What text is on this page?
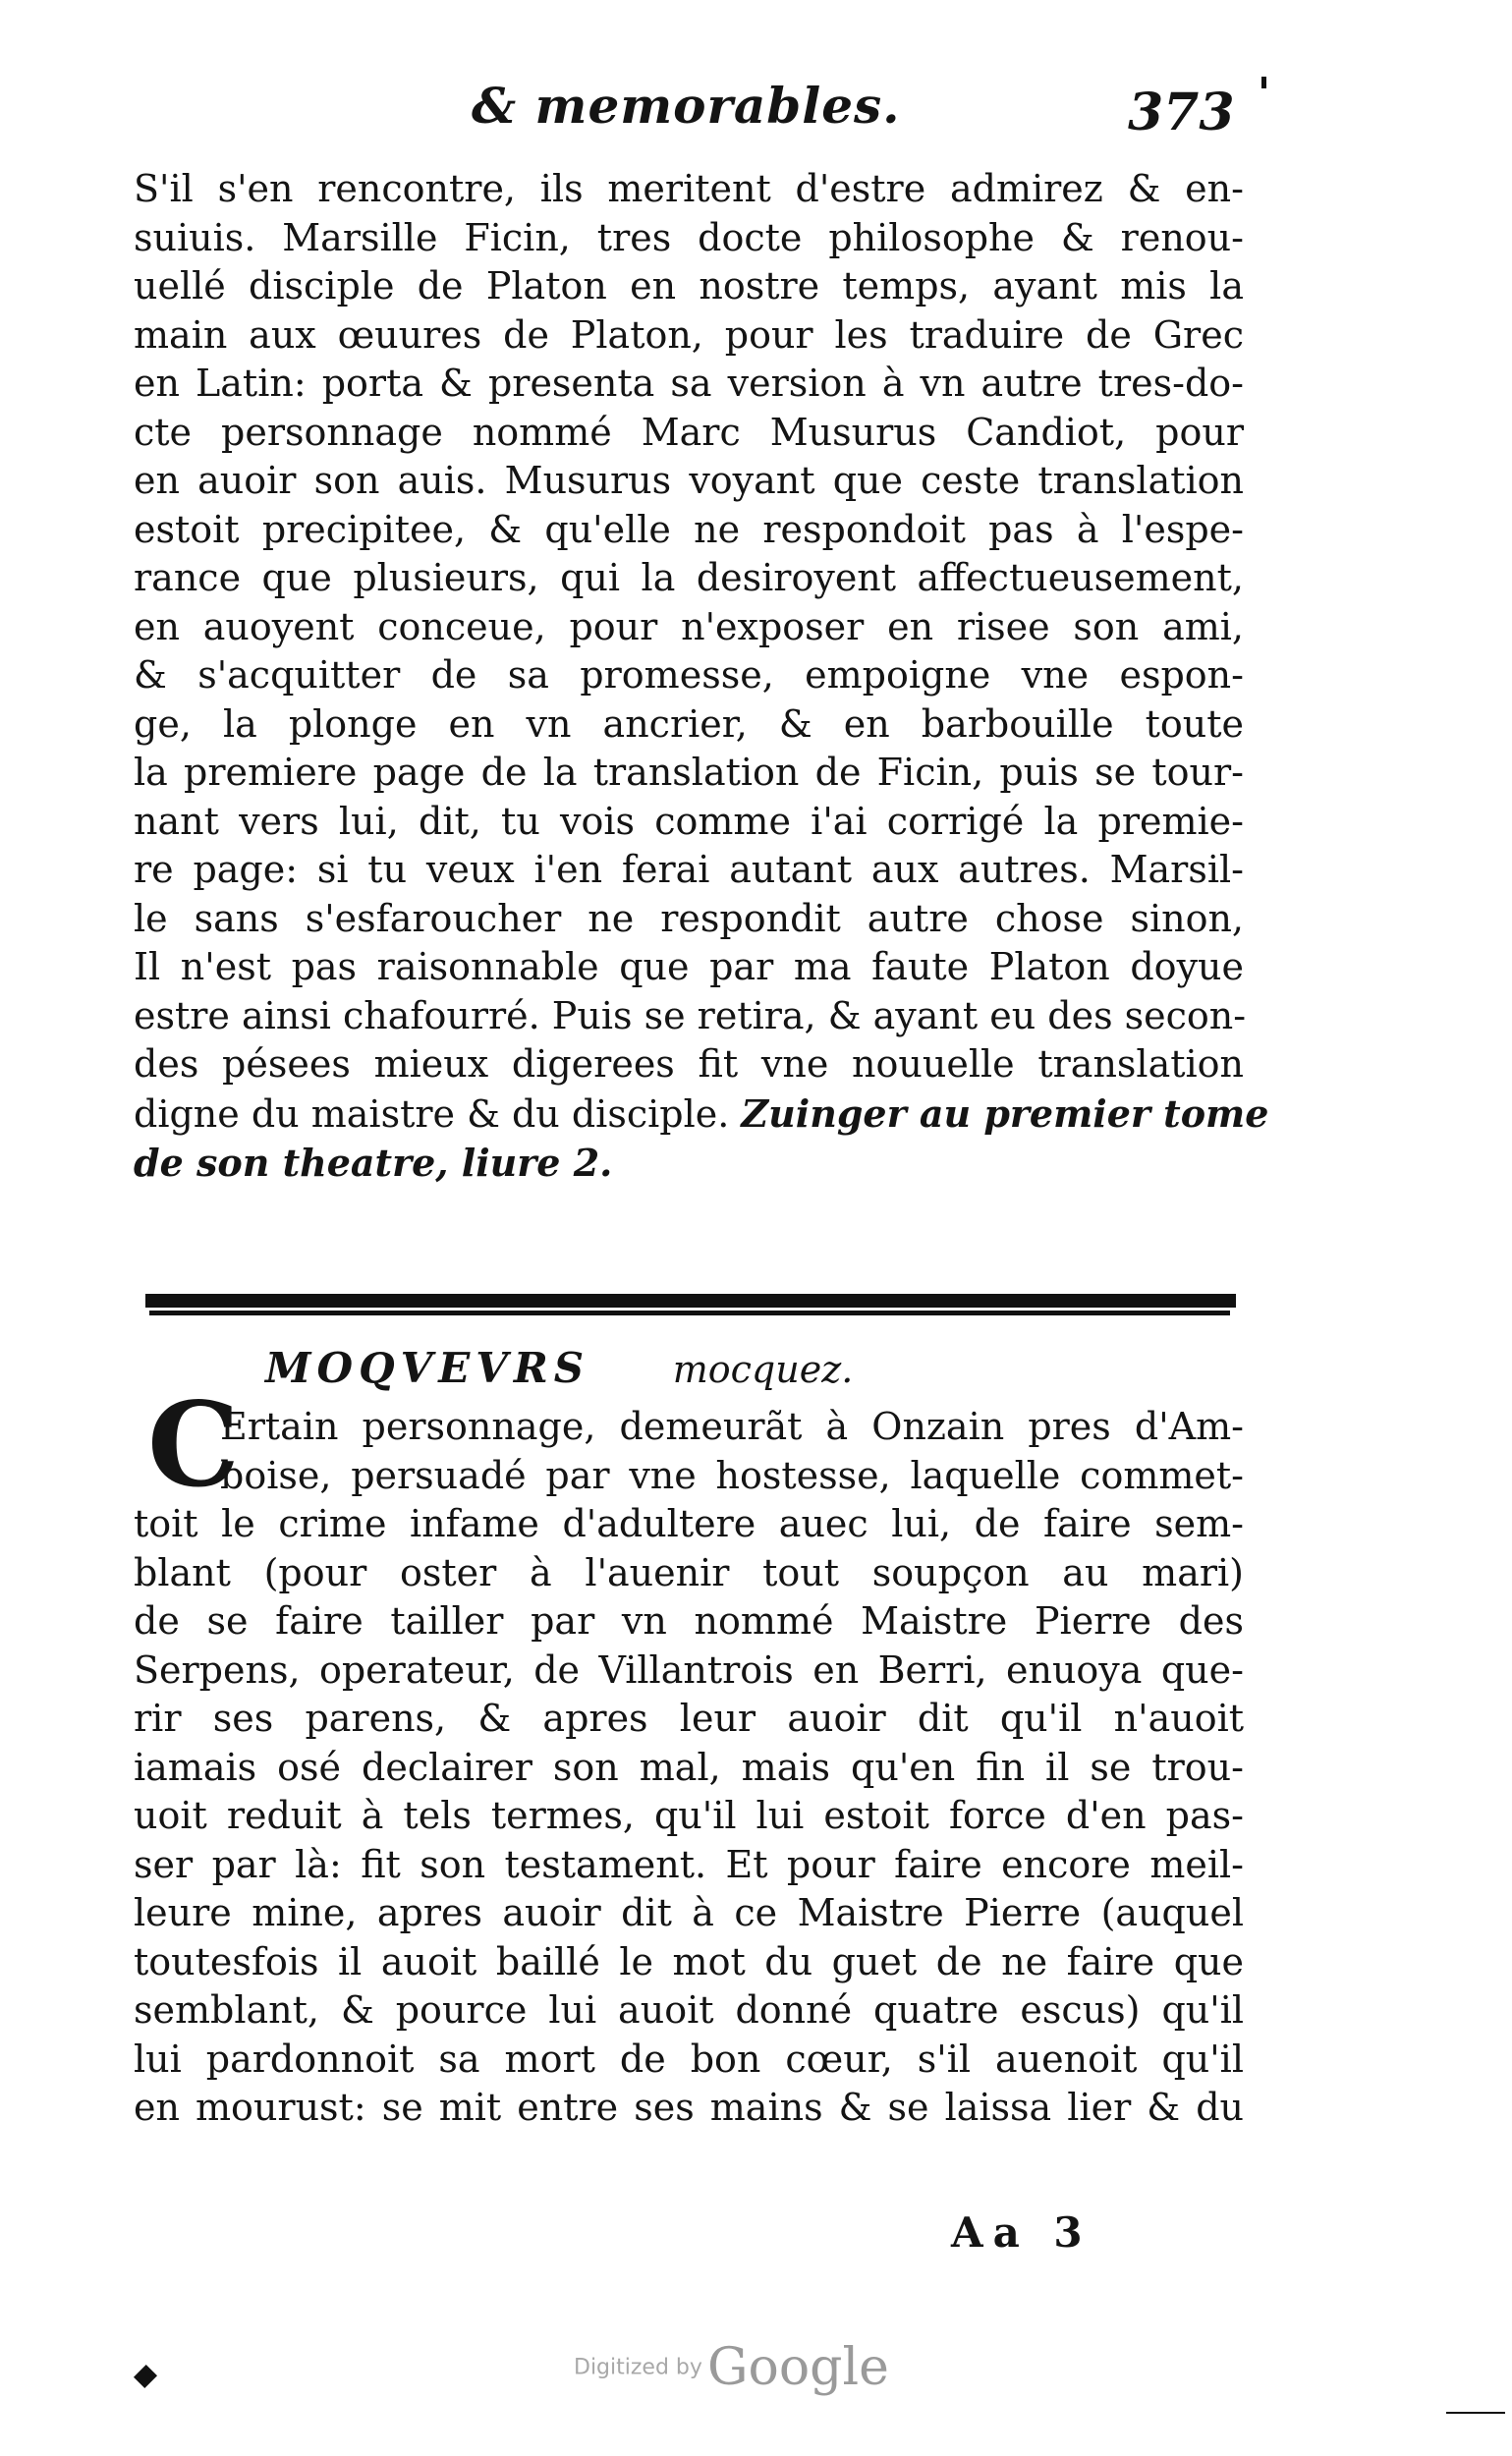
& memorables.	373
S'il s'en rencontre, ils meritent d'estre admirez & en-
suiuis. Marsille Ficin, tres docte philosophe & renou-
uellé disciple de Platon en nostre temps, ayant mis la
main aux œuures de Platon, pour les traduire de Grec
en Latin: porta & presenta sa version à vn autre tres-do-
cte personnage nommé Marc Musurus Candiot, pour
en auoir son auis. Musurus voyant que ceste translation
estoit precipitee, & qu'elle ne respondoit pas à l'espe-
rance que plusieurs, qui la desiroyent affectueusement,
en auoyent conceue, pour n'exposer en risee son ami,
& s'acquitter de sa promesse, empoigne vne espon-
ge, la plonge en vn ancrier, & en barbouille toute
la premiere page de la translation de Ficin, puis se tour-
nant vers lui, dit, tu vois comme i'ai corrigé la premie-
re page: si tu veux i'en ferai autant aux autres. Marsil-
le sans s'esfaroucher ne respondit autre chose sinon,
Il n'est pas raisonnable que par ma faute Platon doyue
estre ainsi chafourré. Puis se retira, & ayant eu des secon-
des pésees mieux digerees fit vne nouuelle translation
digne du maistre & du disciple. Zuinger au premier tome
de son theatre, liure 2.
MOQVEVRS mocquez.
C
Ertain personnage, demeurãt à Onzain pres d'Am-
boise, persuadé par vne hostesse, laquelle commet-
toit le crime infame d'adultere auec lui, de faire sem-
blant (pour oster à l'auenir tout soupçon au mari)
de se faire tailler par vn nommé Maistre Pierre des
Serpens, operateur, de Villantrois en Berri, enuoya que-
rir ses parens, & apres leur auoir dit qu'il n'auoit
iamais osé declairer son mal, mais qu'en fin il se trou-
uoit reduit à tels termes, qu'il lui estoit force d'en pas-
ser par là: fit son testament. Et pour faire encore meil-
leure mine, apres auoir dit à ce Maistre Pierre (auquel
toutesfois il auoit baillé le mot du guet de ne faire que
semblant, & pource lui auoit donné quatre escus) qu'il
lui pardonnoit sa mort de bon cœur, s'il auenoit qu'il
en mourust: se mit entre ses mains & se laissa lier & du
Aa 3
Digitized by Google
